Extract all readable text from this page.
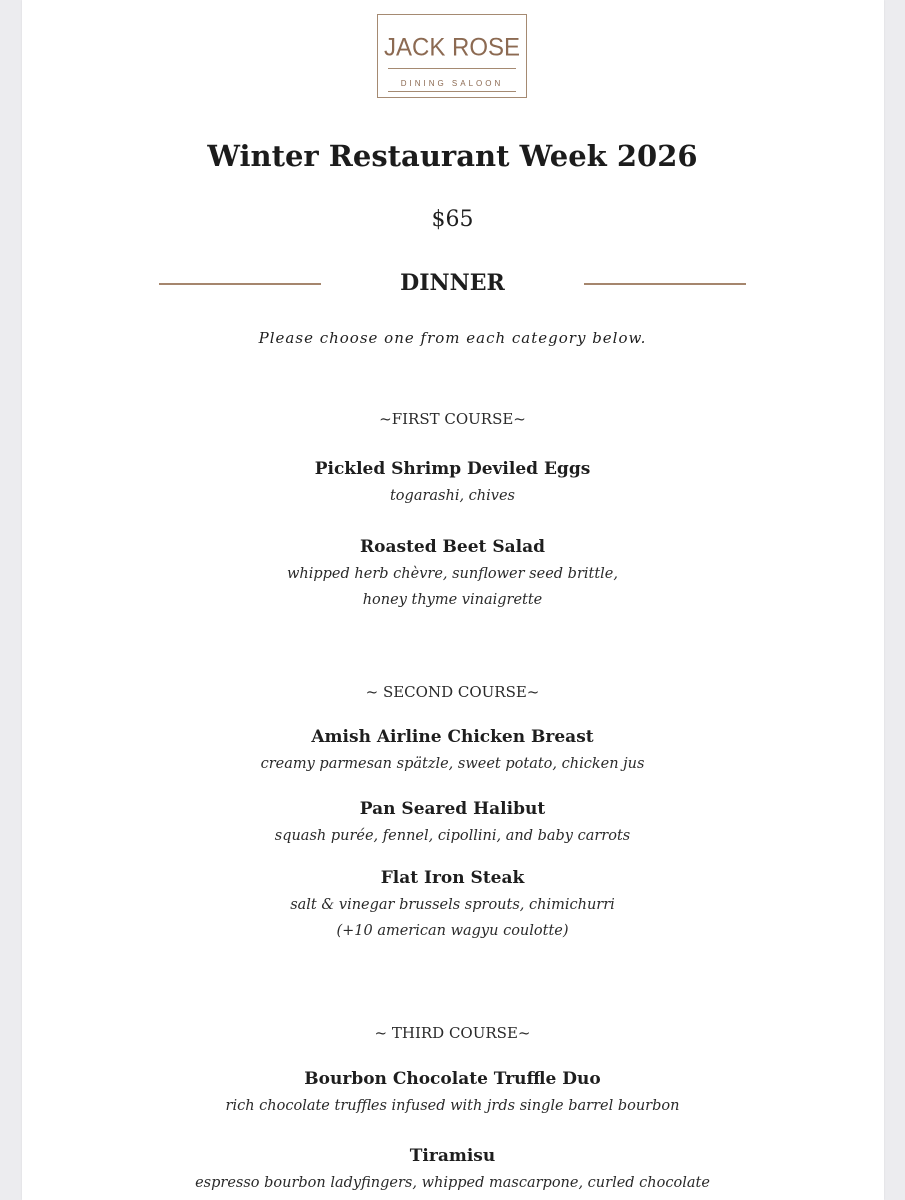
JACK ROSE
DINING SALOON
Winter Restaurant Week 2026
$65
DINNER
Please choose one from each category below.
~FIRST COURSE~
Pickled Shrimp Deviled Eggs
togarashi, chives
Roasted Beet Salad
whipped herb chèvre, sunflower seed brittle,
honey thyme vinaigrette
~ SECOND COURSE~
Amish Airline Chicken Breast
creamy parmesan spätzle, sweet potato, chicken jus
Pan Seared Halibut
squash purée, fennel, cipollini, and baby carrots
Flat Iron Steak
salt & vinegar brussels sprouts, chimichurri
(+10 american wagyu coulotte)
~ THIRD COURSE~
Bourbon Chocolate Truffle Duo
rich chocolate truffles infused with jrds single barrel bourbon
Tiramisu
espresso bourbon ladyfingers, whipped mascarpone, curled chocolate
